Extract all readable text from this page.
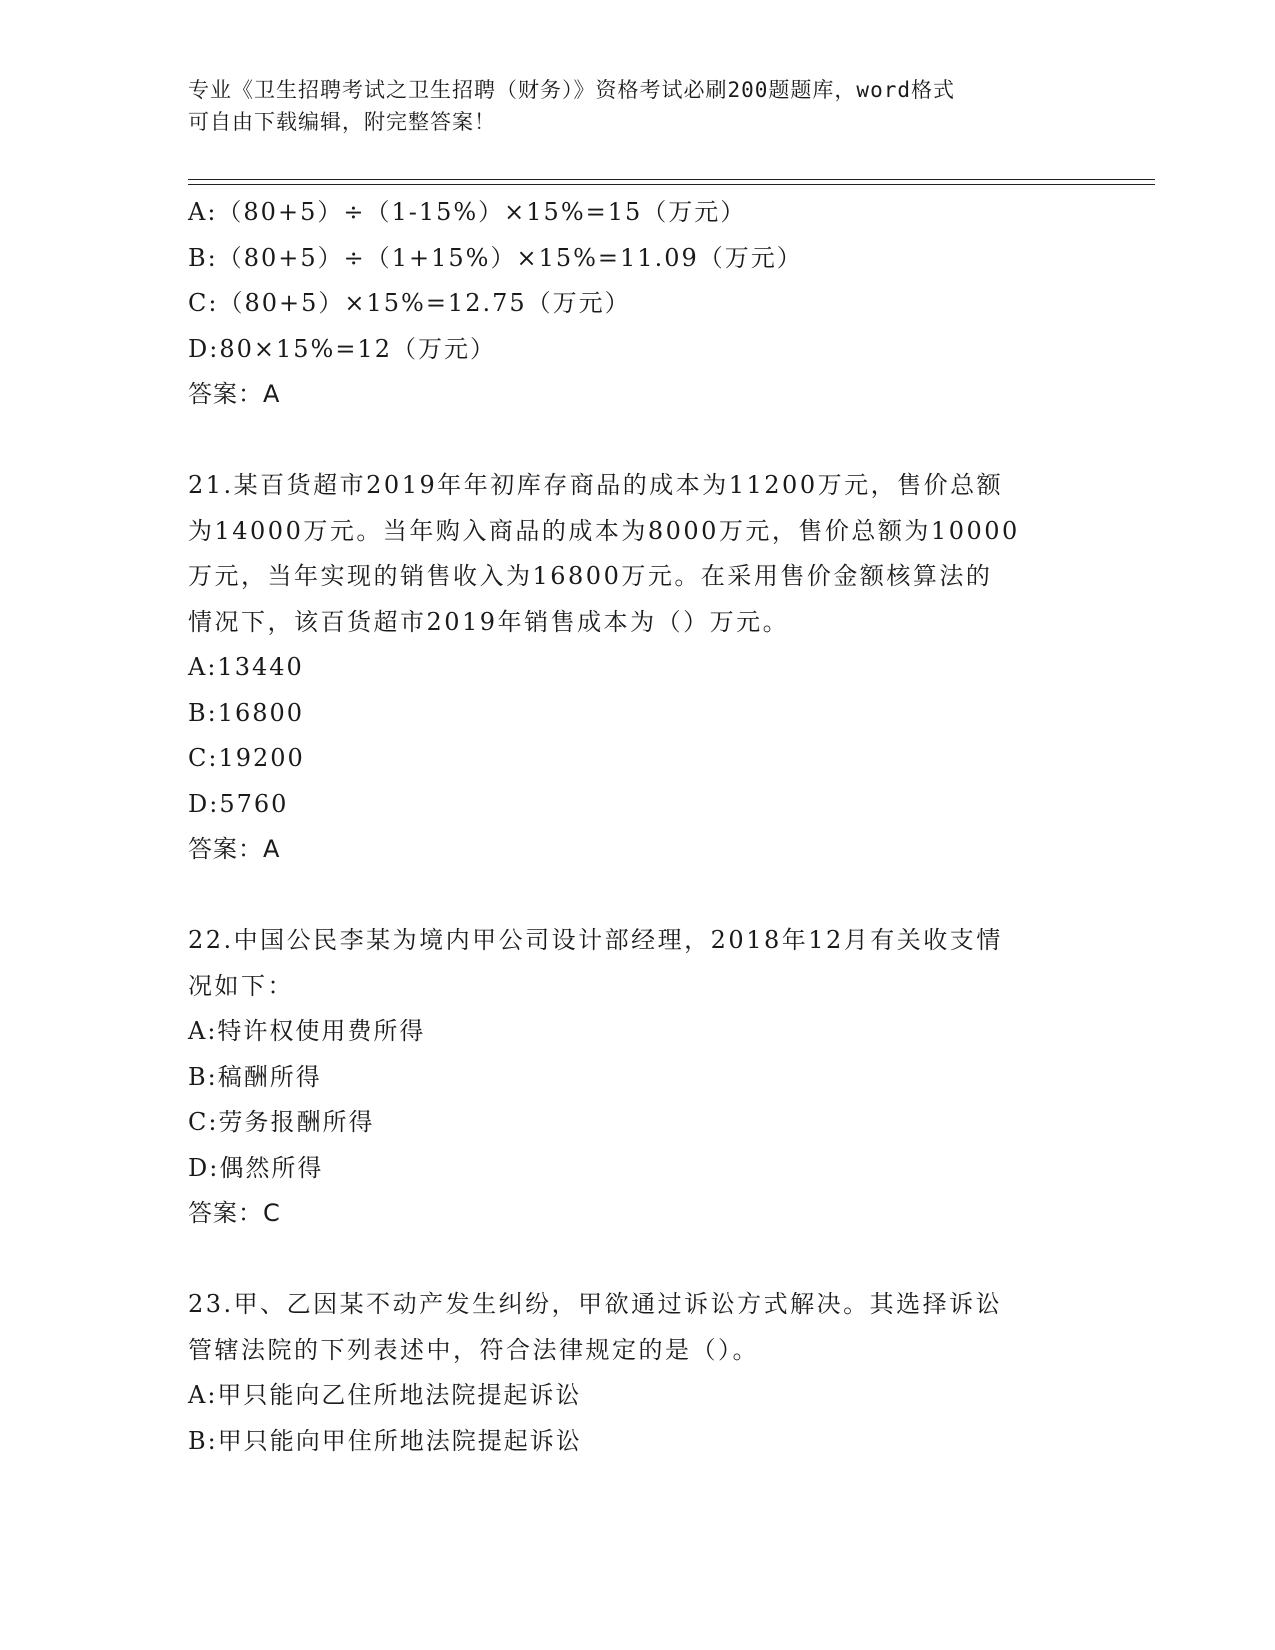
专业《卫生招聘考试之卫生招聘（财务）》资格考试必刷200题题库，word格式
可自由下载编辑，附完整答案！
A:（80+5）÷（1-15%）×15%=15（万元）
B:（80+5）÷（1+15%）×15%=11.09（万元）
C:（80+5）×15%=12.75（万元）
D:80×15%=12（万元）
答案：A
21.某百货超市2019年年初库存商品的成本为11200万元，售价总额
为14000万元。当年购入商品的成本为8000万元，售价总额为10000
万元，当年实现的销售收入为16800万元。在采用售价金额核算法的
情况下，该百货超市2019年销售成本为（）万元。
A:13440
B:16800
C:19200
D:5760
答案：A
22.中国公民李某为境内甲公司设计部经理，2018年12月有关收支情
况如下：
A:特许权使用费所得
B:稿酬所得
C:劳务报酬所得
D:偶然所得
答案：C
23.甲、乙因某不动产发生纠纷，甲欲通过诉讼方式解决。其选择诉讼
管辖法院的下列表述中，符合法律规定的是（）。
A:甲只能向乙住所地法院提起诉讼
B:甲只能向甲住所地法院提起诉讼
